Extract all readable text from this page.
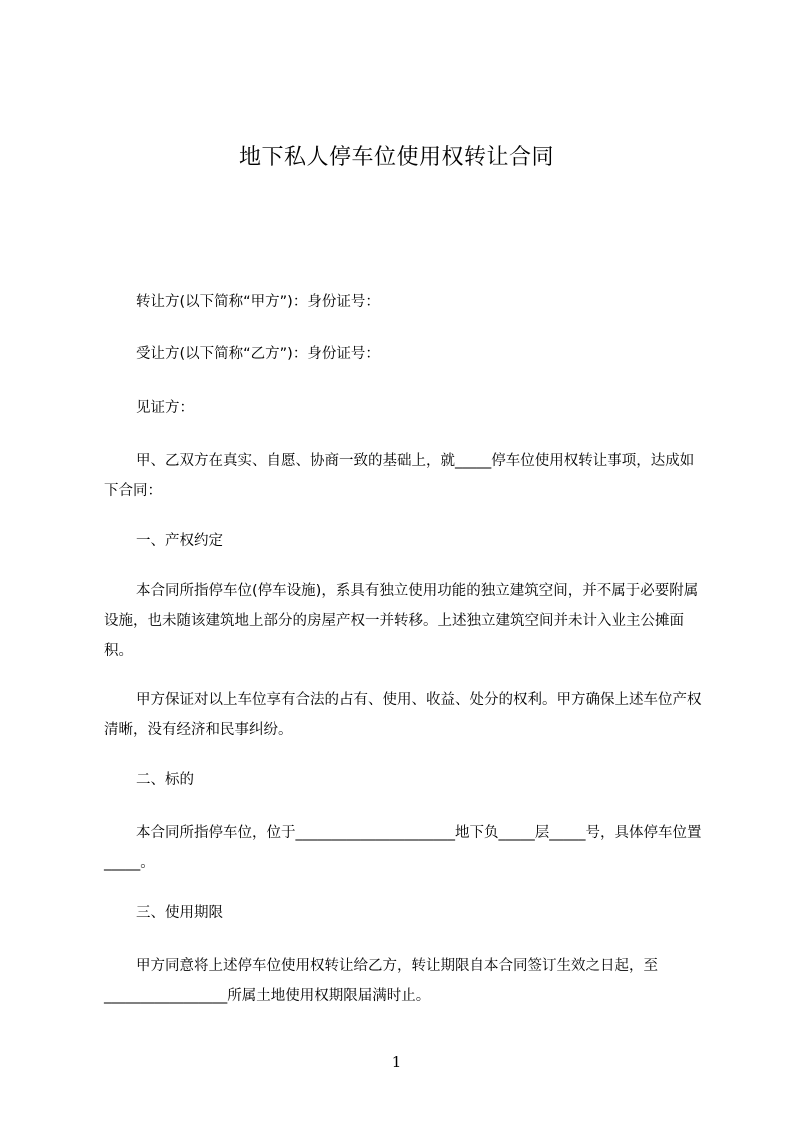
地下私人停车位使用权转让合同

转让方(以下简称“甲方”)：身份证号：

受让方(以下简称“乙方”)：身份证号：

见证方：

甲、乙双方在真实、自愿、协商一致的基础上，就_____停车位使用权转让事项，达成如下合同：

一、产权约定

本合同所指停车位(停车设施)，系具有独立使用功能的独立建筑空间，并不属于必要附属设施，也未随该建筑地上部分的房屋产权一并转移。上述独立建筑空间并未计入业主公摊面积。

甲方保证对以上车位享有合法的占有、使用、收益、处分的权利。甲方确保上述车位产权清晰，没有经济和民事纠纷。

二、标的

本合同所指停车位，位于______________________地下负_____层_____号，具体停车位置_____。

三、使用期限

甲方同意将上述停车位使用权转让给乙方，转让期限自本合同签订生效之日起，至_________________所属土地使用权期限届满时止。

1
